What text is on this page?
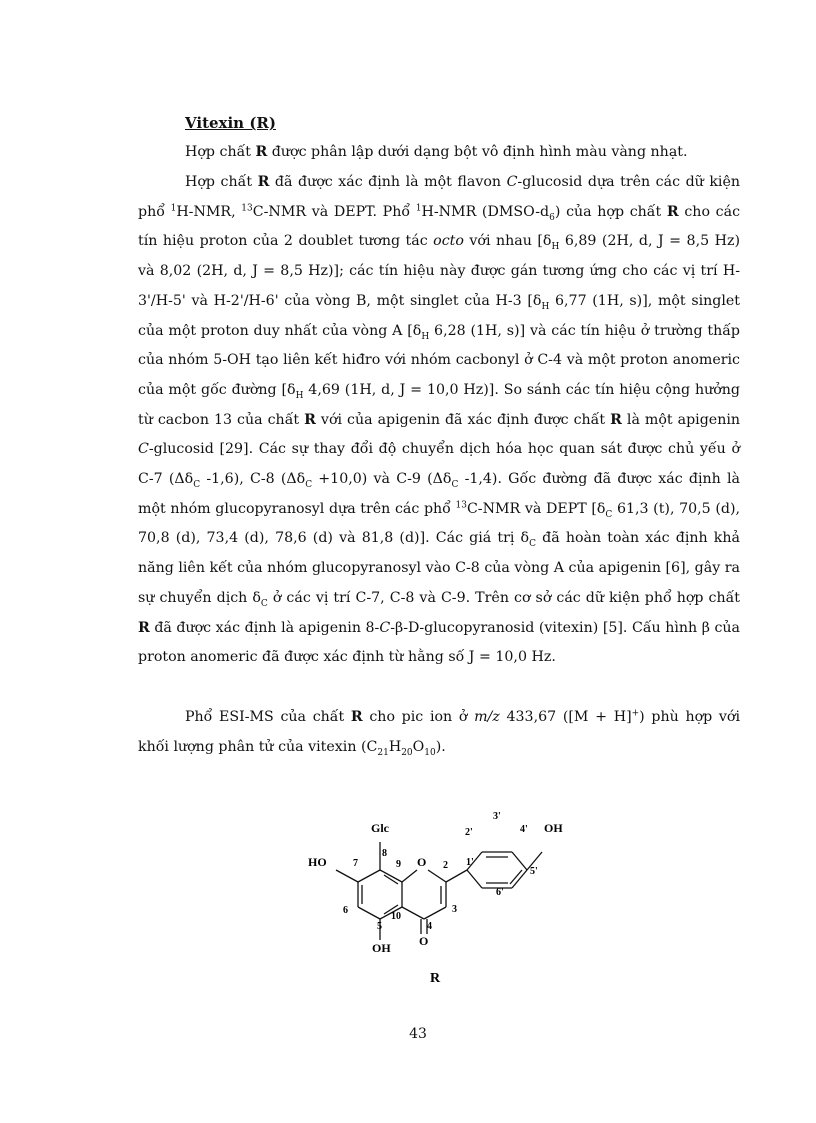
Vitexin (R)
Hợp chất R được phân lập dưới dạng bột vô định hình màu vàng nhạt.
Hợp chất R đã được xác định là một flavon C-glucosid dựa trên các dữ kiện phổ $^1$H-NMR, $^{13}$C-NMR và DEPT. Phổ $^1$H-NMR $(DMSO-d_6)$ của hợp chất R cho các tín hiệu proton của 2 doublet tương tác octo với nhau [$\delta_H$ 6,89 (2H, d, J = 8,5 Hz) và 8,02 (2H, d, J = 8,5 Hz)]; các tín hiệu này được gán tương ứng cho các vị trí H-3'/H-5' và H-2'/H-6' của vòng B, một singlet của H-3 [$\delta_H$ 6,77 (1H, s)], một singlet của một proton duy nhất của vòng A [$\delta_H$ 6,28 (1H, s)] và các tín hiệu ở trường thấp của nhóm 5-OH tạo liên kết hiđro với nhóm cacbonyl ở C-4 và một proton anomeric của một gốc đường [$\delta_H$ 4,69 (1H, d, J = 10,0 Hz)]. So sánh các tín hiệu cộng hưởng từ cacbon 13 của chất R với của apigenin đã xác định được chất R là một apigenin C-glucosid [29]. Các sự thay đổi độ chuyển dịch hóa học quan sát được chủ yếu ở C-7 ($\Delta\delta_C$ -1,6), C-8 $(\Delta\delta_C +10,0)$ và C-9 ($\Delta\delta_C$ -1,4). Gốc đường đã được xác định là một nhóm glucopyranosyl dựa trên các phổ $^{13}$C-NMR và DEPT [$\delta_C$ 61,3 (t), 70,5 (d), 70,8 (d), 73,4 (d), 78,6 (d) và 81,8 (d)]. Các giá trị $\delta_C$ đã hoàn toàn xác định khả năng liên kết của nhóm glucopyranosyl vào C-8 của vòng A của apigenin [6], gây ra sự chuyển dịch $\delta_C$ ở các vị trí C-7, C-8 và C-9. Trên cơ sở các dữ kiện phổ hợp chất R đã được xác định là apigenin 8-C-β-D-glucopyranosid (vitexin) [5]. Cấu hình β của proton anomeric đã được xác định từ hằng số J = 10,0 Hz.
Phổ ESI-MS của chất R cho pic ion ở m/z 433,67 ([M + H]+) phù hợp với khối lượng phân tử của vitexin $(C_{21}H_{20}O_{10})$.
Glc
HO
OH
OH
O
O
7
8
9	2
3
4
5
6
10
1'
2'
3'
4'
5'
6'
R
43
